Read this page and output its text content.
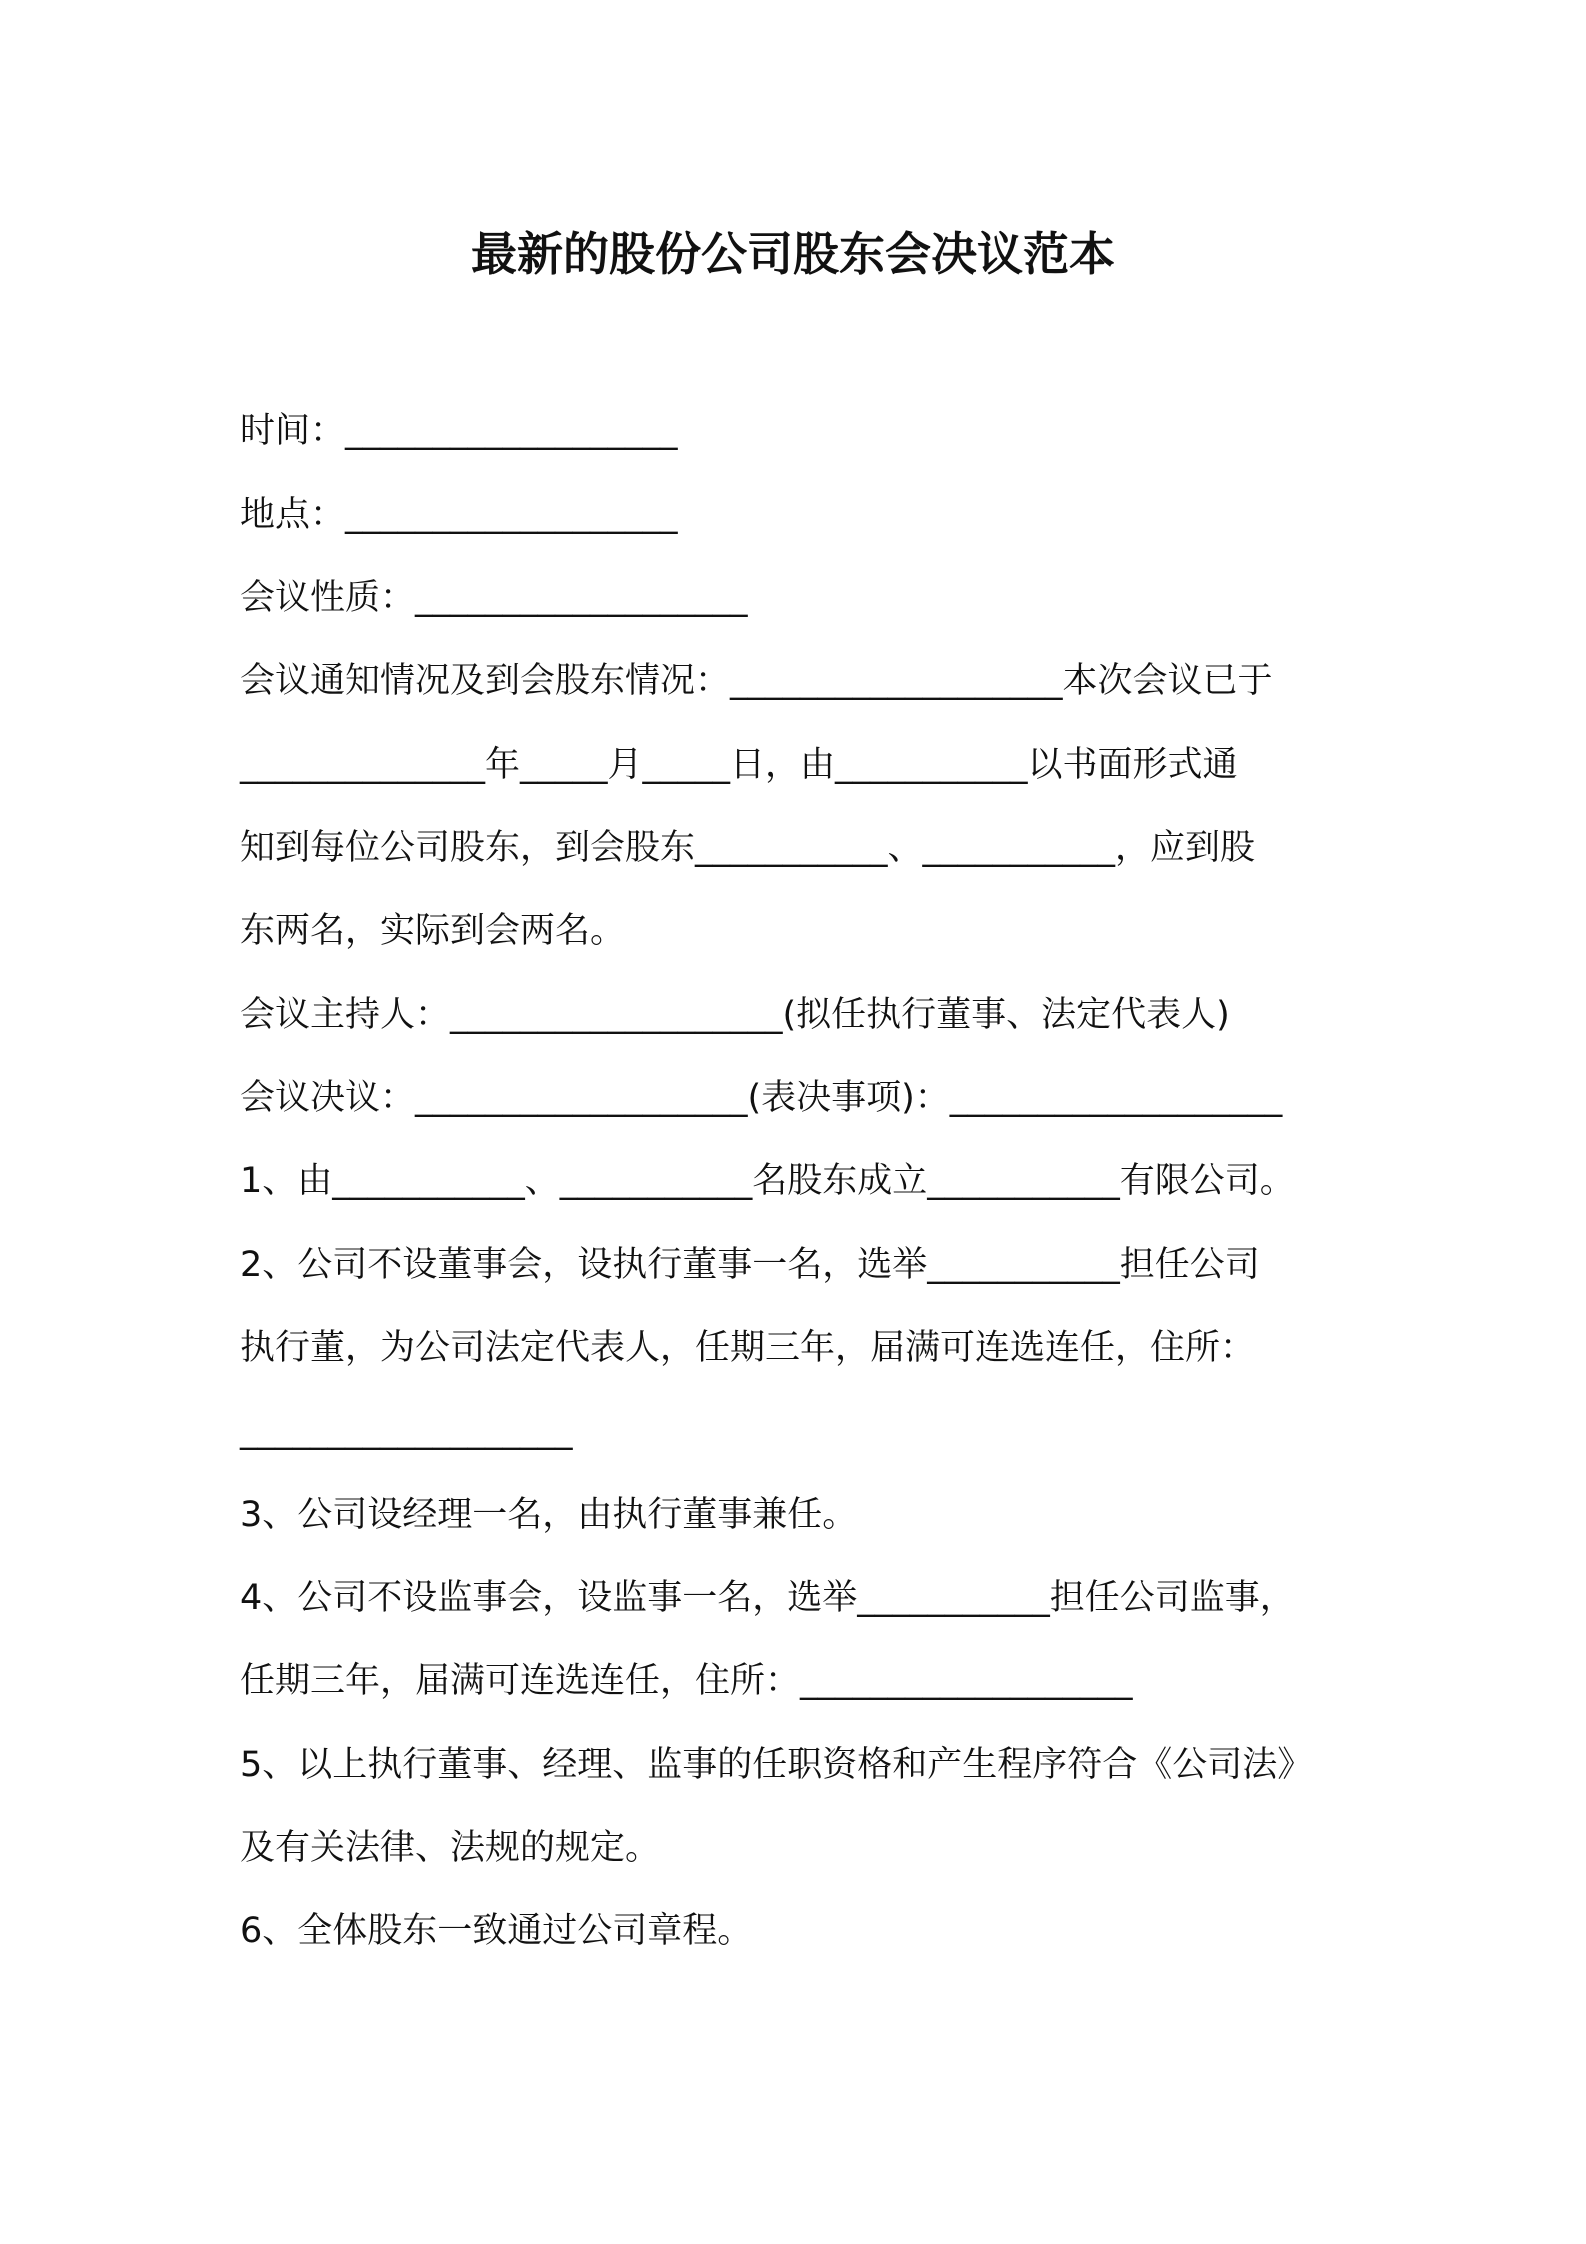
最新的股份公司股东会决议范本
时间：___________________
地点：___________________
会议性质：___________________
会议通知情况及到会股东情况：___________________本次会议已于
______________年_____月_____日，由___________以书面形式通
知到每位公司股东，到会股东___________、___________，应到股
东两名，实际到会两名。
会议主持人：___________________(拟任执行董事、法定代表人)
会议决议：___________________(表决事项)：___________________
1、由___________、___________名股东成立___________有限公司。
2、公司不设董事会，设执行董事一名，选举___________担任公司
执行董，为公司法定代表人，任期三年，届满可连选连任，住所：
___________________
3、公司设经理一名，由执行董事兼任。
4、公司不设监事会，设监事一名，选举___________担任公司监事，
任期三年，届满可连选连任，住所：___________________
5、以上执行董事、经理、监事的任职资格和产生程序符合《公司法》
及有关法律、法规的规定。
6、全体股东一致通过公司章程。
